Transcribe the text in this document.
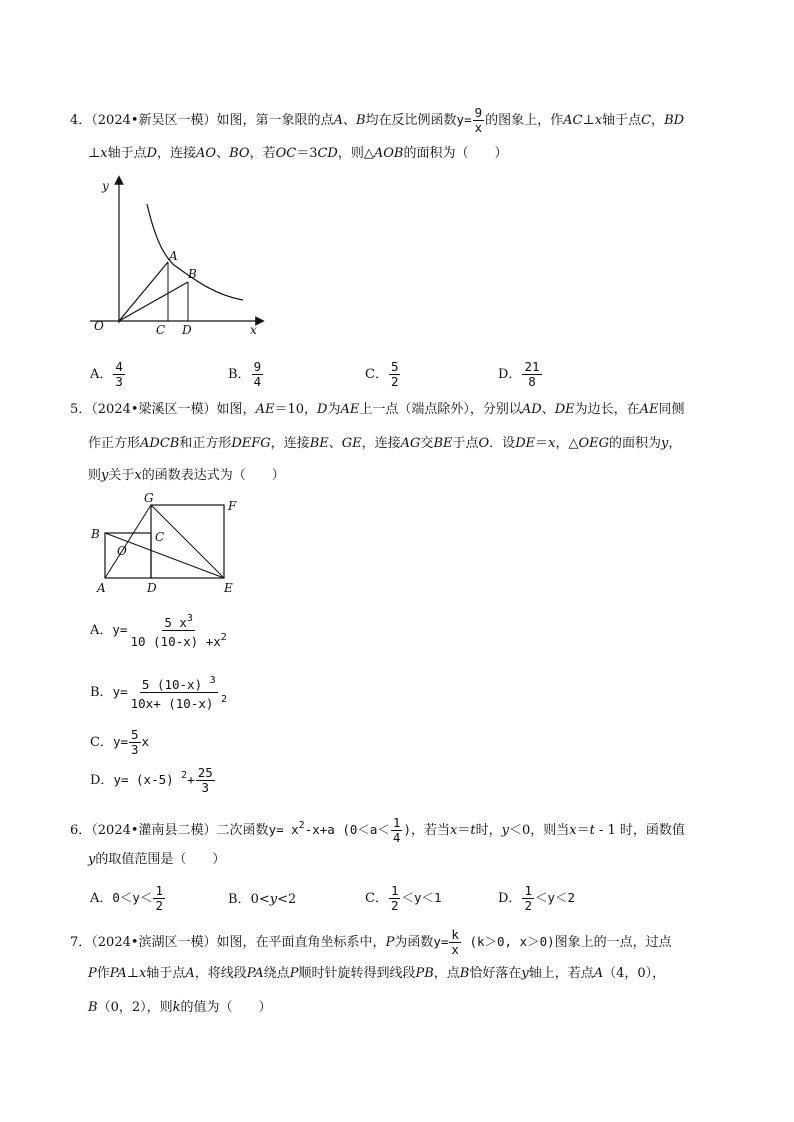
4．（2024•新吴区一模）如图，第一象限的点A、B均在反比例函数$y= \frac{9}{x}$ 的图象上，作AC⊥x轴于点C，BD
⊥x轴于点D，连接AO、BO，若OC＝3CD，则△AOB的面积为（　　）
y
A
B
O	C D	x
A． $\frac{4}{3}$	B． $\frac{9}{4}$	C． $\frac{5}{2}$	D． $\frac{21}{8}$
5．（2024•梁溪区一模）如图，AE＝10，D为AE上一点（端点除外），分别以AD、DE为边长，在AE同侧
作正方形ADCB和正方形DEFG，连接BE、GE，连接AG交BE于点O．设DE＝x，△OEG的面积为y，
则y关于x的函数表达式为（　　）
G
F
B	C
O
A	D	E
A．$y= \frac{5 x^3}{10 (10-x) +x^2}$
B．$y= \frac{5 (10-x) ^3}{10x+ (10-x) ^2}$
C．$y= \frac{5}{3}$ x
D．y= (x-5) $^2+ \frac{25}{3}$
6．（2024•灌南县二模）二次函数$y= x^2-x+a$ ($0<a< \frac{1}{4}$ )，若当x＝t时，y＜0，则当x＝t - 1 时，函数值
y的取值范围是（　　）
A．$0<y< \frac{1}{2}$	B．0<y<2	C． $\frac{1}{2} <y<1$	D． $\frac{1}{2} <y<2$
7．（2024•滨湖区一模）如图，在平面直角坐标系中，P为函数$y= \frac{k}{x} (k>0$, x＞0)图象上的一点，过点
P作PA⊥x轴于点A，将线段PA绕点P顺时针旋转得到线段PB，点B恰好落在y轴上，若点A（4，0），
B（0，2），则k的值为（　　）
